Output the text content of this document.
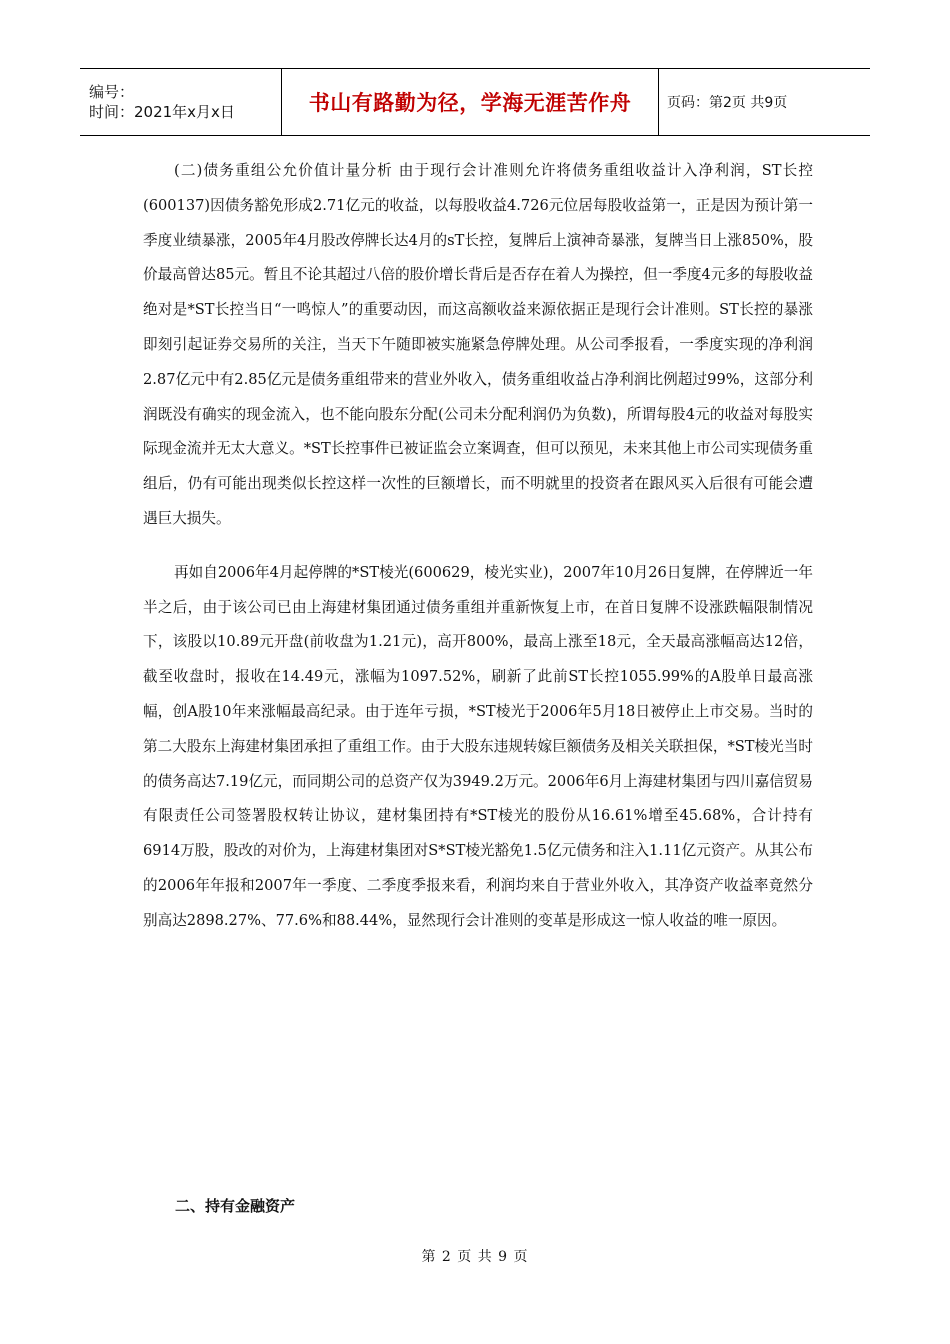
编号：
时间：2021年x月x日	书山有路勤为径，学海无涯苦作舟	页码：第2页 共9页

(二)债务重组公允价值计量分析 由于现行会计准则允许将债务重组收益计入净利润，ST长控(600137)因债务豁免形成2.71亿元的收益，以每股收益4.726元位居每股收益第一，正是因为预计第一季度业绩暴涨，2005年4月股改停牌长达4月的sT长控，复牌后上演神奇暴涨，复牌当日上涨850%，股价最高曾达85元。暂且不论其超过八倍的股价增长背后是否存在着人为操控，但一季度4元多的每股收益绝对是*ST长控当日“一鸣惊人”的重要动因，而这高额收益来源依据正是现行会计准则。ST长控的暴涨即刻引起证券交易所的关注，当天下午随即被实施紧急停牌处理。从公司季报看，一季度实现的净利润2.87亿元中有2.85亿元是债务重组带来的营业外收入，债务重组收益占净利润比例超过99%，这部分利润既没有确实的现金流入，也不能向股东分配(公司未分配利润仍为负数)，所谓每股4元的收益对每股实际现金流并无太大意义。*ST长控事件已被证监会立案调查，但可以预见，未来其他上市公司实现债务重组后，仍有可能出现类似长控这样一次性的巨额增长，而不明就里的投资者在跟风买入后很有可能会遭遇巨大损失。

再如自2006年4月起停牌的*ST棱光(600629，棱光实业)，2007年10月26日复牌，在停牌近一年半之后，由于该公司已由上海建材集团通过债务重组并重新恢复上市，在首日复牌不设涨跌幅限制情况下，该股以10.89元开盘(前收盘为1.21元)，高开800%，最高上涨至18元，全天最高涨幅高达12倍，截至收盘时，报收在14.49元，涨幅为1097.52%，刷新了此前ST长控1055.99%的A股单日最高涨幅，创A股10年来涨幅最高纪录。由于连年亏损，*ST棱光于2006年5月18日被停止上市交易。当时的第二大股东上海建材集团承担了重组工作。由于大股东违规转嫁巨额债务及相关关联担保，*ST棱光当时的债务高达7.19亿元，而同期公司的总资产仅为3949.2万元。2006年6月上海建材集团与四川嘉信贸易有限责任公司签署股权转让协议，建材集团持有*ST棱光的股份从16.61%增至45.68%，合计持有6914万股，股改的对价为，上海建材集团对S*ST棱光豁免1.5亿元债务和注入1.11亿元资产。从其公布的2006年年报和2007年一季度、二季度季报来看，利润均来自于营业外收入，其净资产收益率竟然分别高达2898.27%、77.6%和88.44%，显然现行会计准则的变革是形成这一惊人收益的唯一原因。

二、持有金融资产
第 2 页 共 9 页
